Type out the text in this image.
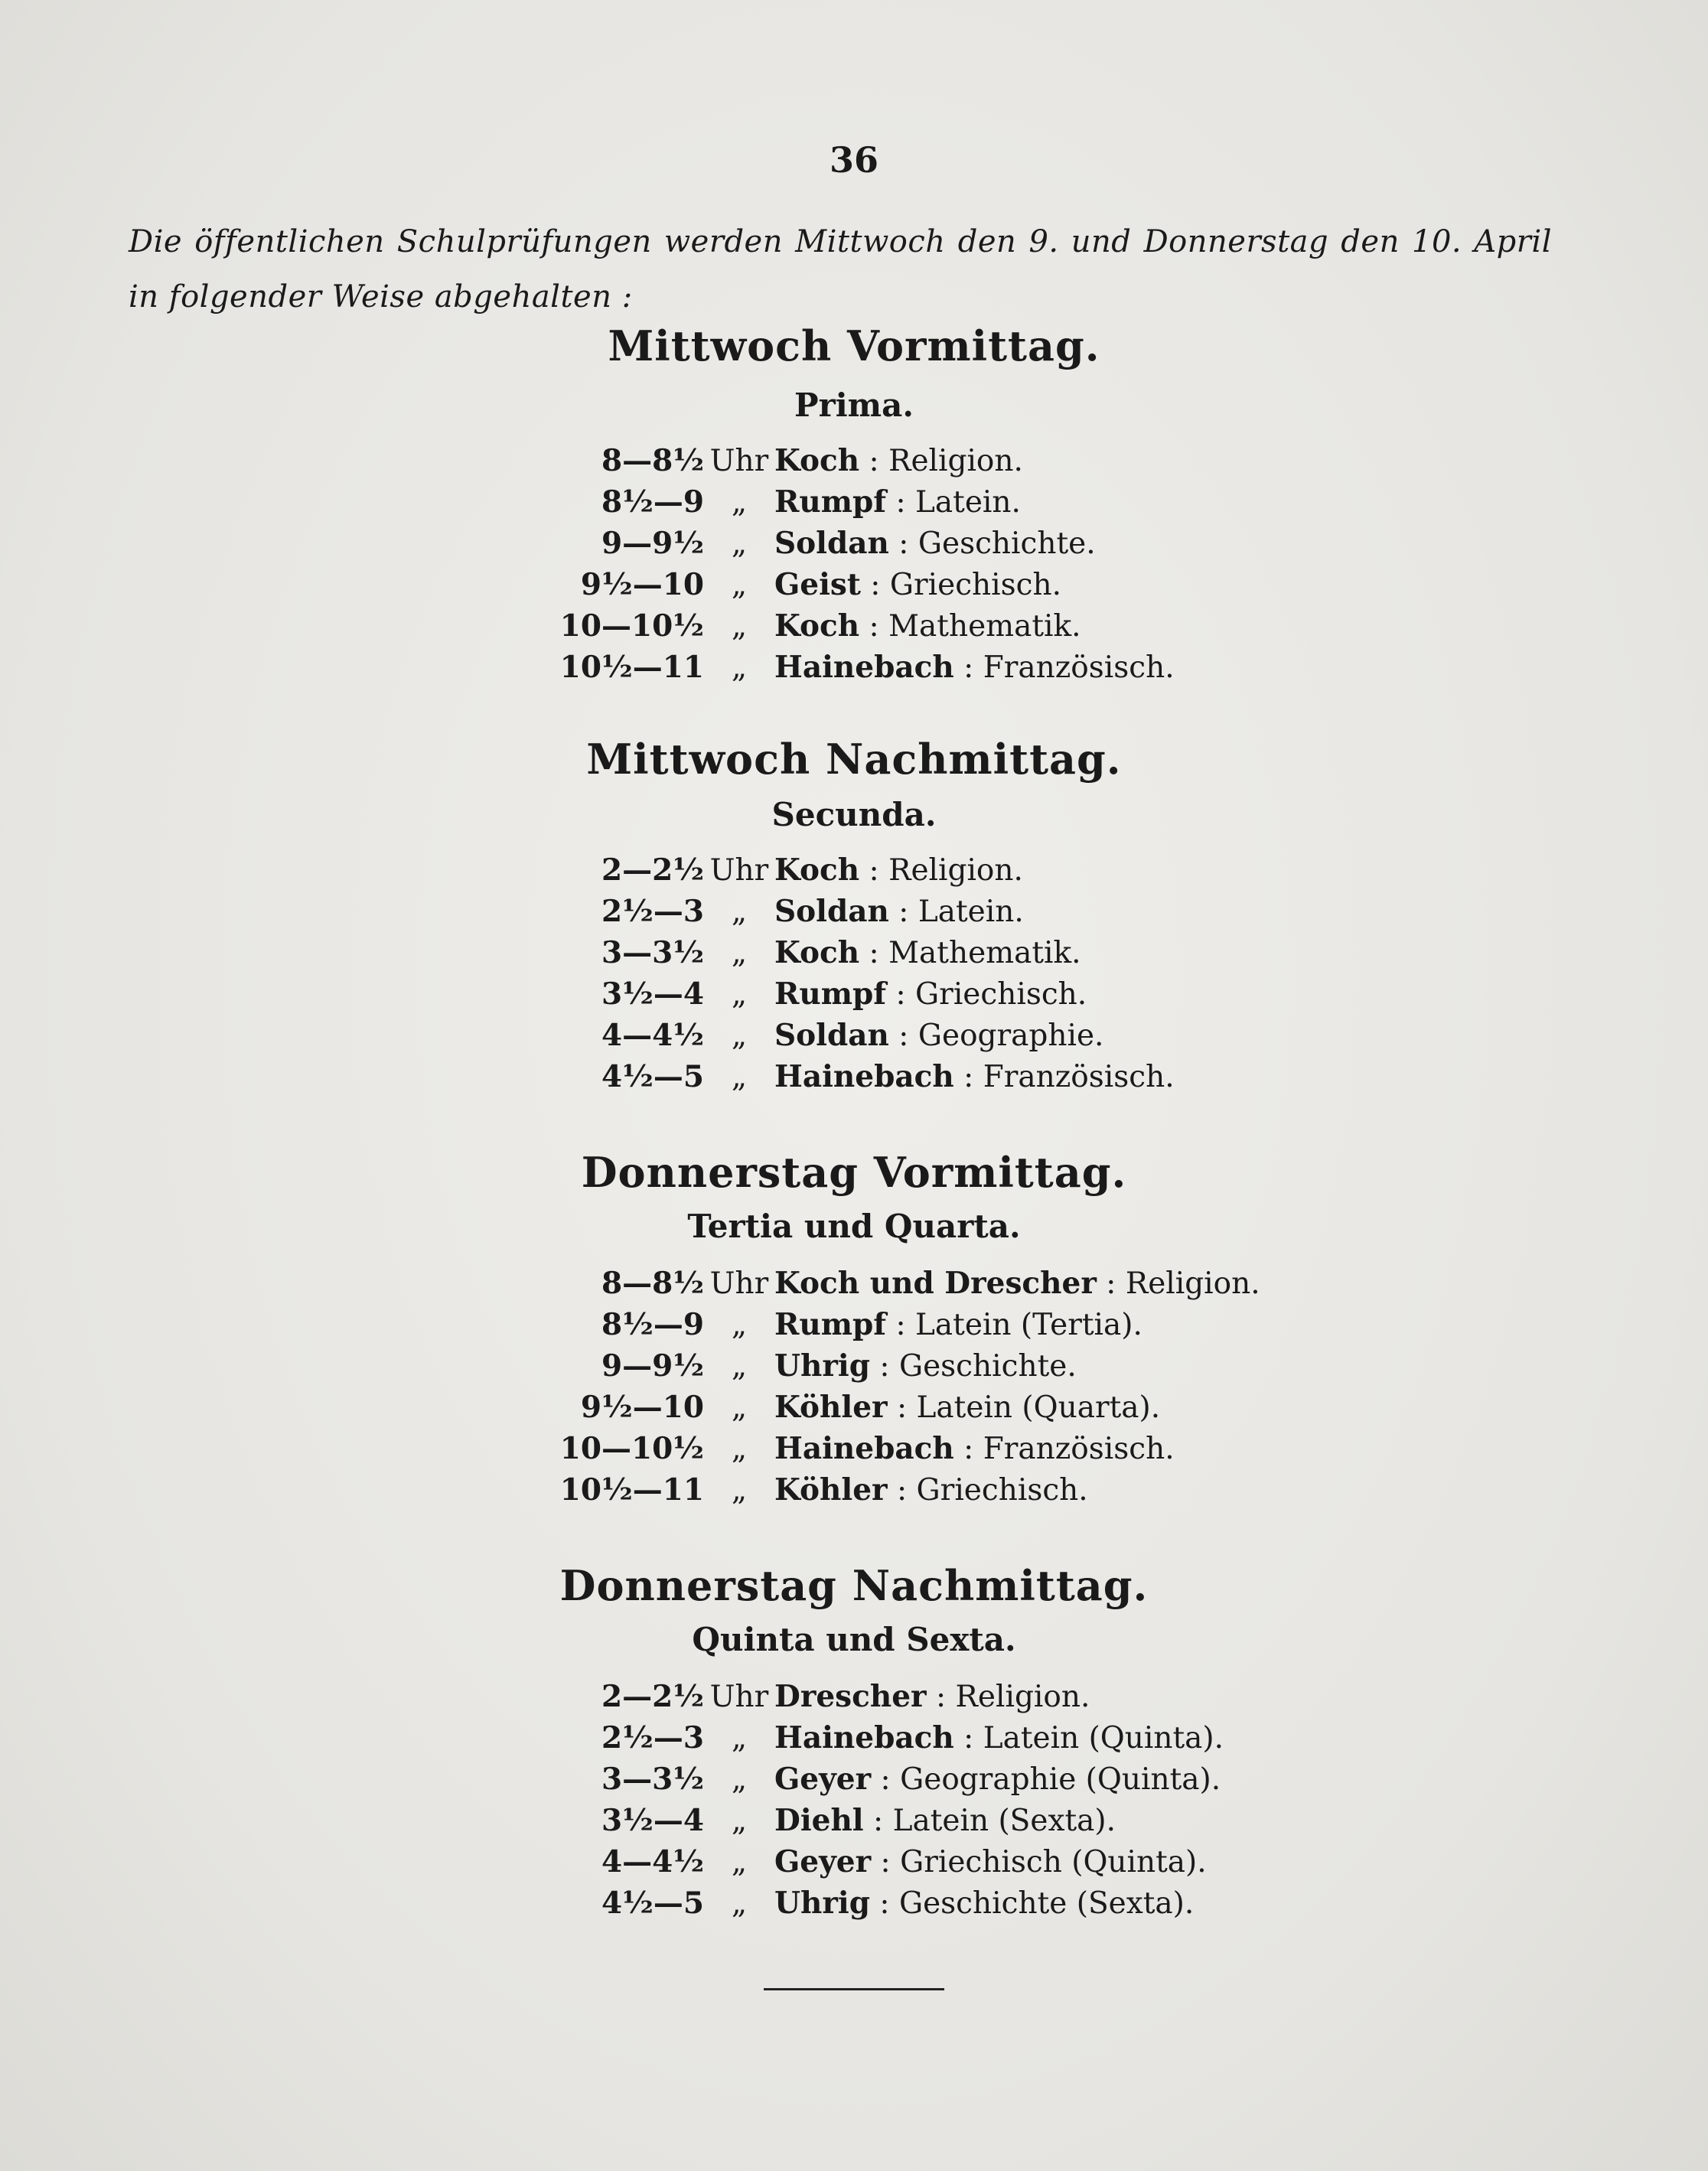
36
Die öffentlichen Schulprüfungen werden Mittwoch den 9. und Donnerstag den 10. April in folgender Weise abgehalten :
Mittwoch Vormittag.
Prima.
8—8½ Uhr Koch : Religion.
8½—9 „ Rumpf : Latein.
9—9½ „ Soldan : Geschichte.
9½—10 „ Geist : Griechisch.
10—10½ „ Koch : Mathematik.
10½—11 „ Hainebach : Französisch.
Mittwoch Nachmittag.
Secunda.
2—2½ Uhr Koch : Religion.
2½—3 „ Soldan : Latein.
3—3½ „ Koch : Mathematik.
3½—4 „ Rumpf : Griechisch.
4—4½ „ Soldan : Geographie.
4½—5 „ Hainebach : Französisch.
Donnerstag Vormittag.
Tertia und Quarta.
8—8½ Uhr Koch und Drescher : Religion.
8½—9 „ Rumpf : Latein (Tertia).
9—9½ „ Uhrig : Geschichte.
9½—10 „ Köhler : Latein (Quarta).
10—10½ „ Hainebach : Französisch.
10½—11 „ Köhler : Griechisch.
Donnerstag Nachmittag.
Quinta und Sexta.
2—2½ Uhr Drescher : Religion.
2½—3 „ Hainebach : Latein (Quinta).
3—3½ „ Geyer : Geographie (Quinta).
3½—4 „ Diehl : Latein (Sexta).
4—4½ „ Geyer : Griechisch (Quinta).
4½—5 „ Uhrig : Geschichte (Sexta).
